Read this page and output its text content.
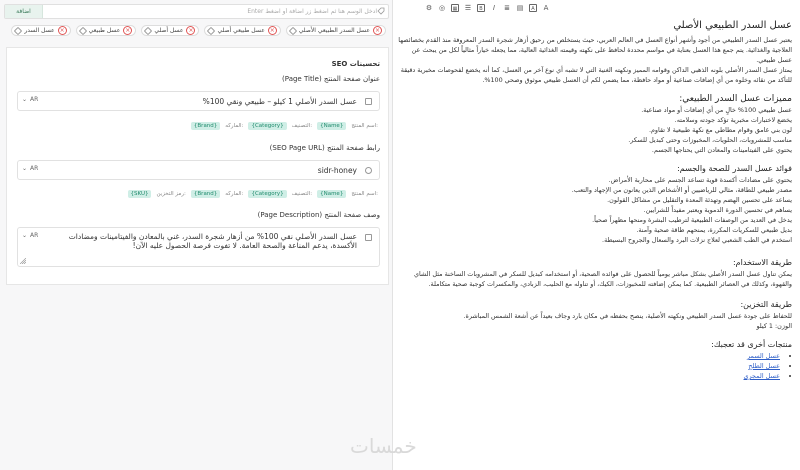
اضافة
ادخل الوسم هنا ثم اضغط زر اضافة أو اضغط Enter
×
عسل السدر الطبيعي الأصلي
×
عسل طبيعي أصلي
×
عسل أصلي
×
عسل طبيعي
×
عسل السدر
تحسينات SEO
عنوان صفحة المنتج (Page Title)
⌄ AR	عسل السدر الأصلي 1 كيلو – طبيعي ونقي 100%
اسم المنتج:
{Name}
التصنيف:
{Category}
الماركه:
{Brand}
رابط صفحة المنتج (SEO Page URL)
⌄ AR	sidr-honey
اسم المنتج:
{Name}
التصنيف:
{Category}
الماركه:
{Brand}
رمز التخزين:
{SKU}
وصف صفحة المنتج (Page Description)
⌄ AR	عسل السدر الأصلي نقي 100% من أزهار شجرة السدر، غني بالمعادن والفيتامينات ومضادات الأكسدة، يدعم المناعة والصحة العامة. لا تفوت فرصة الحصول عليه الآن!
A
A
▤
≣
𝐼
B
☰
▦
◎
⚙
عسل السدر الطبيعي الأصلي

يعتبر عسل السدر الطبيعي من أجود وأشهر أنواع العسل في العالم العربي، حيث يستخلص من رحيق أزهار شجرة السدر المعروفة منذ القدم بخصائصها العلاجية والغذائية. يتم جمع هذا العسل بعناية في مواسم محددة لحافظ على نكهته وقيمته الغذائية العالية، مما يجعله خياراً مثالياً لكل من يبحث عن عسل طبيعي.

يمتاز عسل السدر الأصلي بلونه الذهبي الداكن وقوامه المميز ونكهته الغنية التي لا تشبه أي نوع آخر من العسل، كما أنه يخضع لفحوصات مخبرية دقيقة للتأكد من نقائه وخلوه من أي إضافات صناعية أو مواد حافظة، مما يضمن لكم أن العسل طبيعي موثوق وصحي 100%.

مميزات عسل السدر الطبيعي:

عسل طبيعي 100% خالٍ من أي إضافات أو مواد صناعية.

يخضع لاختبارات مخبرية تؤكد جودته وسلامته.

لون بني غامق وقوام مطاطي مع نكهة طبيعية لا تقاوم.

مناسب للمشروبات، الحلويات، المخبوزات وحتى كبديل للسكر.

يحتوي على الفيتامينات والمعادن التي يحتاجها الجسم.

فوائد عسل السدر للصحة والجسم:

يحتوي على مضادات أكسدة قوية تساعد الجسم على محاربة الأمراض.

مصدر طبيعي للطاقة، مثالي للرياضيين أو الأشخاص الذين يعانون من الإجهاد والتعب.

يساعد على تحسين الهضم وتهدئة المعدة والتقليل من مشاكل القولون.

يساهم في تحسين الدورة الدموية ويعتبر مفيداً للشرايين.

يدخل في العديد من الوصفات الطبيعية لترطيب البشرة ومنحها مظهراً صحياً.

بديل طبيعي للسكريات المكررة، يمنحهم طاقة صحية وآمنة.

استخدم في الطب الشعبي لعلاج نزلات البرد والسعال والجروح البسيطة.

طريقة الاستخدام:

يمكن تناول عسل السدر الأصلي بشكل مباشر يومياً للحصول على فوائده الصحية، أو استخدامه كبديل للسكر في المشروبات الساخنة مثل الشاي والقهوة، وكذلك في العصائر الطبيعية. كما يمكن إضافته للمخبوزات، الكيك، أو تناوله مع الحليب، الزبادي، والمكسرات كوجبة صحية متكاملة.

طريقة التخزين:

للحفاظ على جودة عسل السدر الطبيعي ونكهته الأصلية، ينصح بحفظه في مكان بارد وجاف بعيداً عن أشعة الشمس المباشرة.

الوزن: 1 كيلو

منتجات أخرى قد تعجبك:
• عسل السمر
• عسل الطلح
• عسل المجرى
خمسات
